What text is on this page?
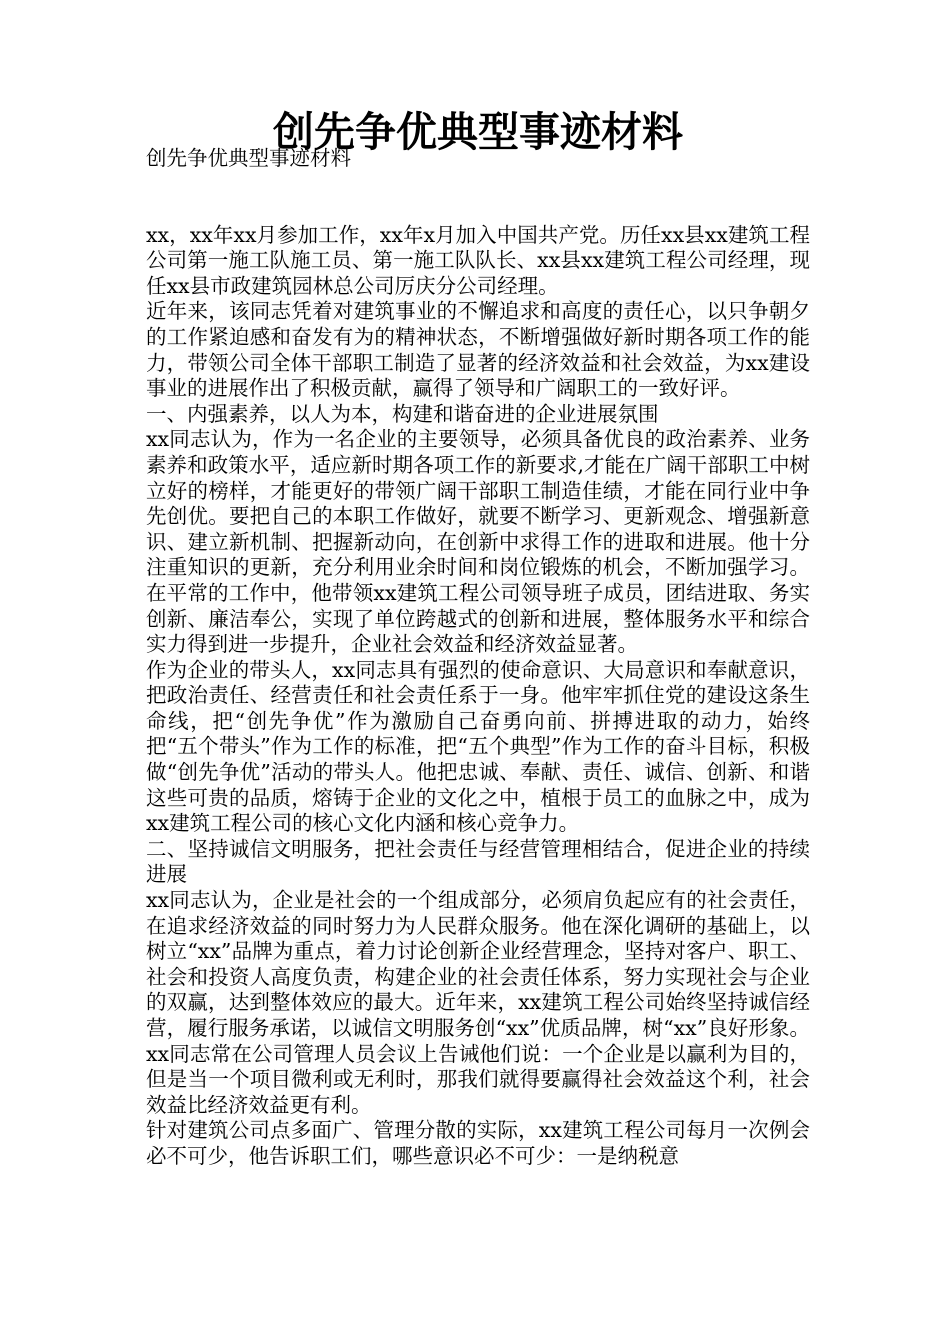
创先争优典型事迹材料

创先争优典型事迹材料

xx，xx年xx月参加工作，xx年x月加入中国共产党。历任xx县xx建筑工程公司第一施工队施工员、第一施工队队长、xx县xx建筑工程公司经理，现任xx县市政建筑园林总公司厉庆分公司经理。

近年来，该同志凭着对建筑事业的不懈追求和高度的责任心，以只争朝夕的工作紧迫感和奋发有为的精神状态，不断增强做好新时期各项工作的能力，带领公司全体干部职工制造了显著的经济效益和社会效益，为xx建设事业的进展作出了积极贡献，赢得了领导和广阔职工的一致好评。

一、内强素养，以人为本，构建和谐奋进的企业进展氛围

xx同志认为，作为一名企业的主要领导，必须具备优良的政治素养、业务素养和政策水平，适应新时期各项工作的新要求,才能在广阔干部职工中树立好的榜样，才能更好的带领广阔干部职工制造佳绩，才能在同行业中争先创优。要把自己的本职工作做好，就要不断学习、更新观念、增强新意识、建立新机制、把握新动向，在创新中求得工作的进取和进展。他十分注重知识的更新，充分利用业余时间和岗位锻炼的机会，不断加强学习。在平常的工作中，他带领xx建筑工程公司领导班子成员，团结进取、务实创新、廉洁奉公，实现了单位跨越式的创新和进展，整体服务水平和综合实力得到进一步提升，企业社会效益和经济效益显著。

作为企业的带头人，xx同志具有强烈的使命意识、大局意识和奉献意识，把政治责任、经营责任和社会责任系于一身。他牢牢抓住党的建设这条生命线，把“创先争优”作为激励自己奋勇向前、拼搏进取的动力，始终把“五个带头”作为工作的标准，把“五个典型”作为工作的奋斗目标，积极做“创先争优”活动的带头人。他把忠诚、奉献、责任、诚信、创新、和谐这些可贵的品质，熔铸于企业的文化之中，植根于员工的血脉之中，成为xx建筑工程公司的核心文化内涵和核心竞争力。

二、坚持诚信文明服务，把社会责任与经营管理相结合，促进企业的持续进展

xx同志认为，企业是社会的一个组成部分，必须肩负起应有的社会责任，在追求经济效益的同时努力为人民群众服务。他在深化调研的基础上，以树立“xx”品牌为重点，着力讨论创新企业经营理念，坚持对客户、职工、社会和投资人高度负责，构建企业的社会责任体系，努力实现社会与企业的双赢，达到整体效应的最大。近年来，xx建筑工程公司始终坚持诚信经营，履行服务承诺，以诚信文明服务创“xx”优质品牌，树“xx”良好形象。xx同志常在公司管理人员会议上告诫他们说：一个企业是以赢利为目的，但是当一个项目微利或无利时，那我们就得要赢得社会效益这个利，社会效益比经济效益更有利。

针对建筑公司点多面广、管理分散的实际，xx建筑工程公司每月一次例会必不可少，他告诉职工们，哪些意识必不可少：一是纳税意
